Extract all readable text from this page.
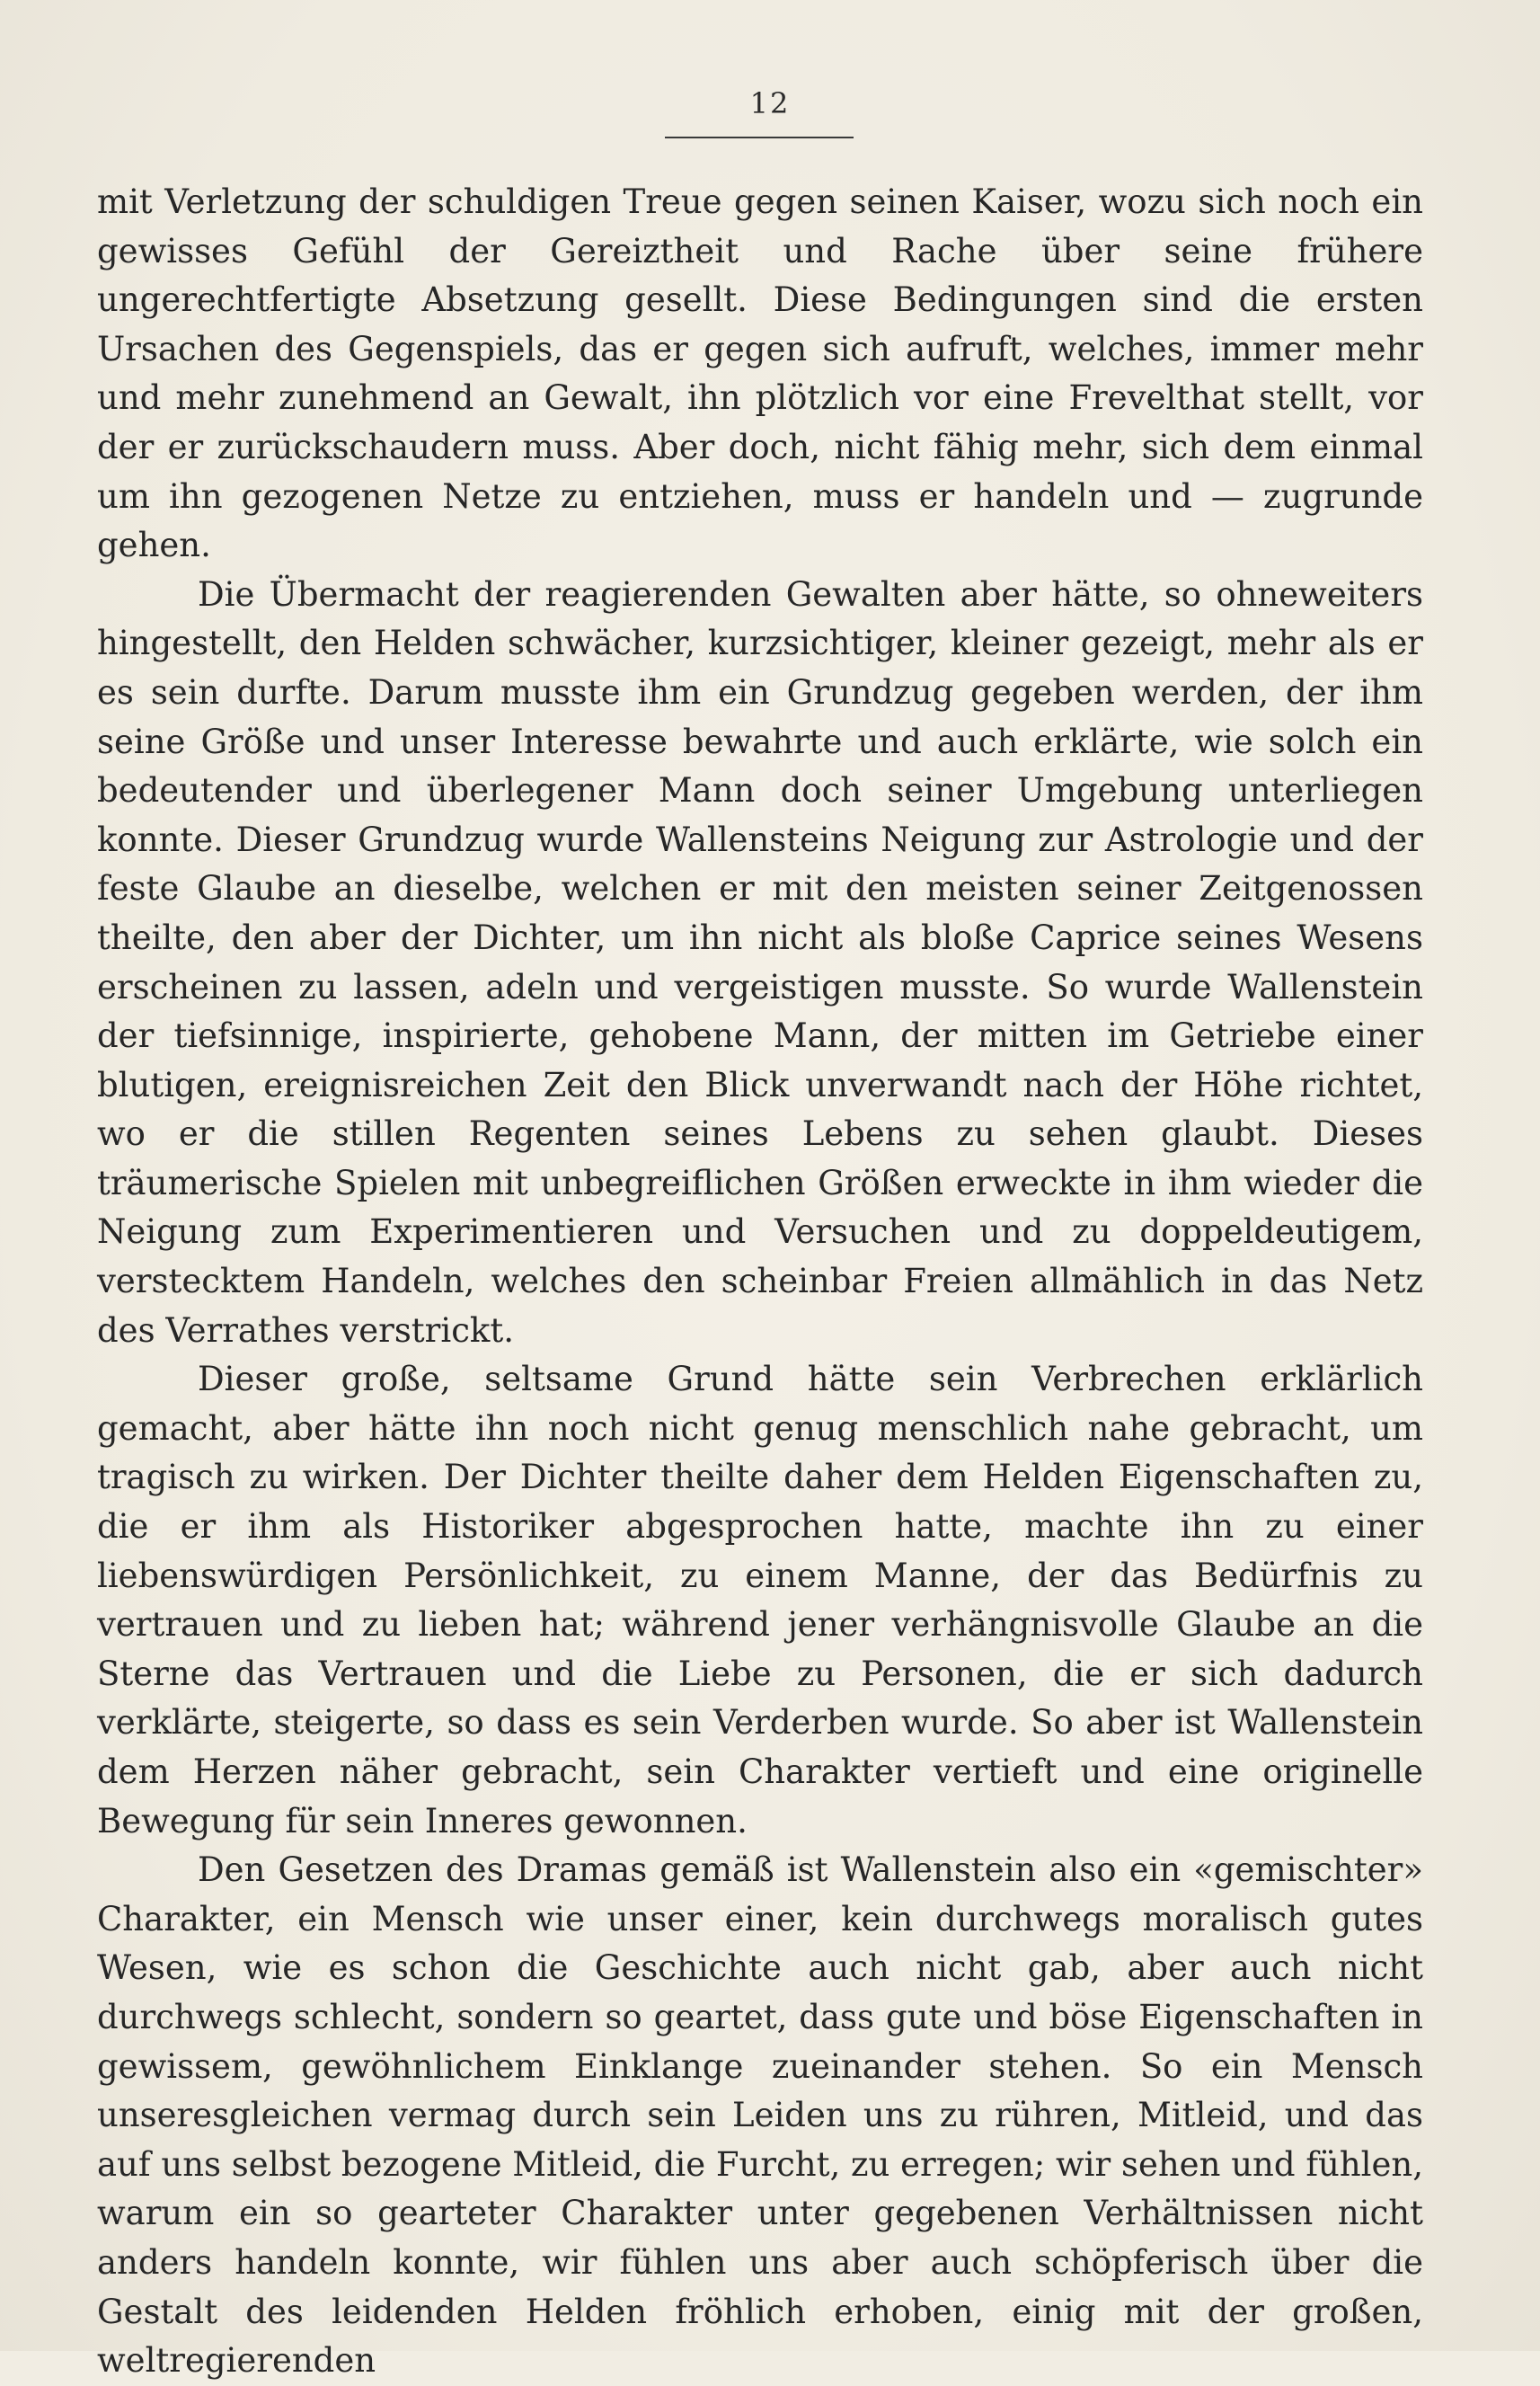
12

mit Verletzung der schuldigen Treue gegen seinen Kaiser, wozu sich noch ein gewisses Gefühl der Gereiztheit und Rache über seine frühere ungerechtfertigte Absetzung gesellt. Diese Bedingungen sind die ersten Ursachen des Gegenspiels, das er gegen sich aufruft, welches, immer mehr und mehr zunehmend an Gewalt, ihn plötzlich vor eine Frevelthat stellt, vor der er zurückschaudern muss. Aber doch, nicht fähig mehr, sich dem einmal um ihn gezogenen Netze zu entziehen, muss er handeln und — zugrunde gehen.

Die Übermacht der reagierenden Gewalten aber hätte, so ohneweiters hingestellt, den Helden schwächer, kurzsichtiger, kleiner gezeigt, mehr als er es sein durfte. Darum musste ihm ein Grundzug gegeben werden, der ihm seine Größe und unser Interesse bewahrte und auch erklärte, wie solch ein bedeutender und überlegener Mann doch seiner Umgebung unterliegen konnte. Dieser Grundzug wurde Wallensteins Neigung zur Astrologie und der feste Glaube an dieselbe, welchen er mit den meisten seiner Zeitgenossen theilte, den aber der Dichter, um ihn nicht als bloße Caprice seines Wesens erscheinen zu lassen, adeln und vergeistigen musste. So wurde Wallenstein der tiefsinnige, inspirierte, gehobene Mann, der mitten im Getriebe einer blutigen, ereignisreichen Zeit den Blick unverwandt nach der Höhe richtet, wo er die stillen Regenten seines Lebens zu sehen glaubt. Dieses träumerische Spielen mit unbegreiflichen Größen erweckte in ihm wieder die Neigung zum Experimentieren und Versuchen und zu doppeldeutigem, verstecktem Handeln, welches den scheinbar Freien allmählich in das Netz des Verrathes verstrickt.

Dieser große, seltsame Grund hätte sein Verbrechen erklärlich gemacht, aber hätte ihn noch nicht genug menschlich nahe gebracht, um tragisch zu wirken. Der Dichter theilte daher dem Helden Eigenschaften zu, die er ihm als Historiker abgesprochen hatte, machte ihn zu einer liebenswürdigen Persönlichkeit, zu einem Manne, der das Bedürfnis zu vertrauen und zu lieben hat; während jener verhängnisvolle Glaube an die Sterne das Vertrauen und die Liebe zu Personen, die er sich dadurch verklärte, steigerte, so dass es sein Verderben wurde. So aber ist Wallenstein dem Herzen näher gebracht, sein Charakter vertieft und eine originelle Bewegung für sein Inneres gewonnen.

Den Gesetzen des Dramas gemäß ist Wallenstein also ein «gemischter» Charakter, ein Mensch wie unser einer, kein durchwegs moralisch gutes Wesen, wie es schon die Geschichte auch nicht gab, aber auch nicht durchwegs schlecht, sondern so geartet, dass gute und böse Eigenschaften in gewissem, gewöhnlichem Einklange zueinander stehen. So ein Mensch unseresgleichen vermag durch sein Leiden uns zu rühren, Mitleid, und das auf uns selbst bezogene Mitleid, die Furcht, zu erregen; wir sehen und fühlen, warum ein so gearteter Charakter unter gegebenen Verhältnissen nicht anders handeln konnte, wir fühlen uns aber auch schöpferisch über die Gestalt des leidenden Helden fröhlich erhoben, einig mit der großen, weltregierenden
